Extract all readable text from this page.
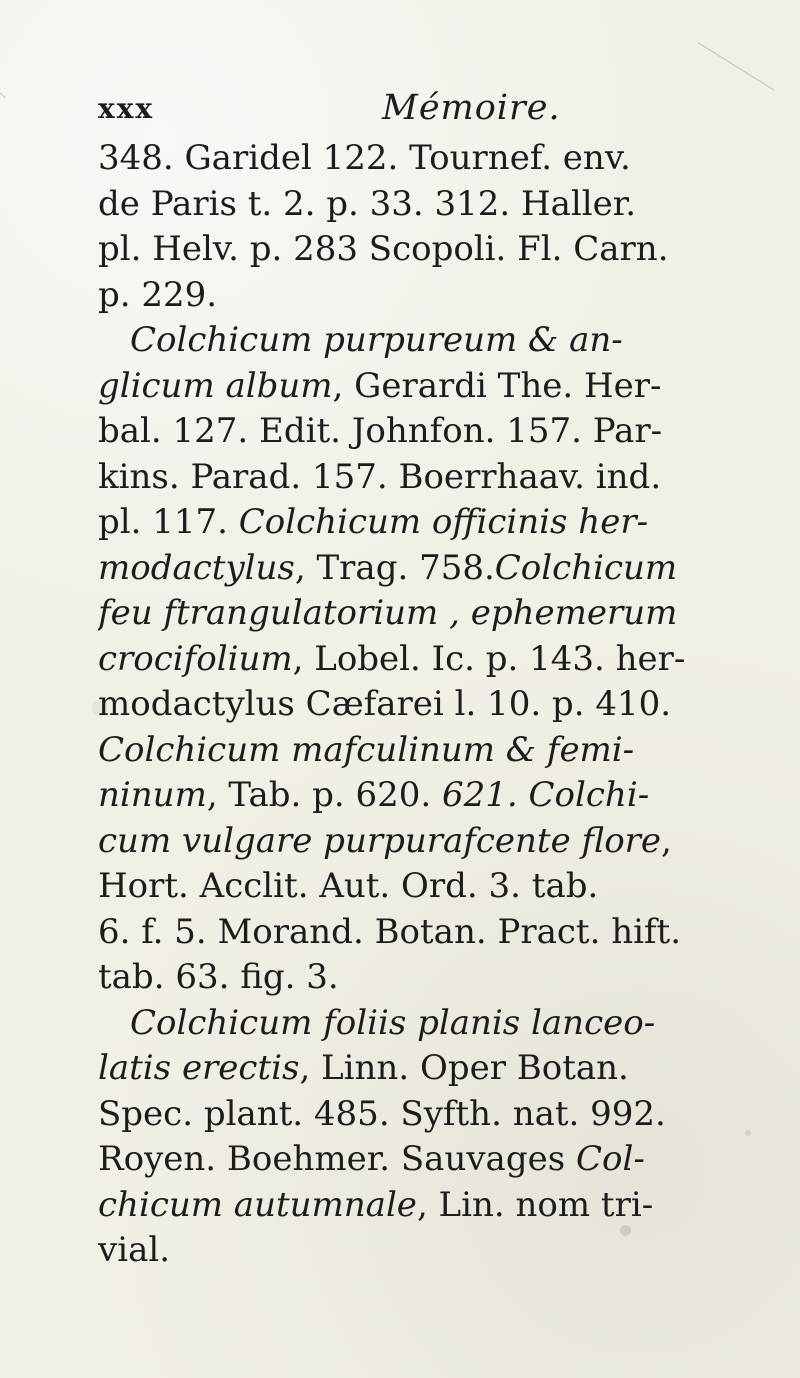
xxx	Mémoire.
348. Garidel 122. Tournef. env.
de Paris t. 2. p. 33. 312. Haller.
pl. Helv. p. 283 Scopoli. Fl. Carn.
p. 229.
Colchicum purpureum & an-
glicum album, Gerardi The. Her-
bal. 127. Edit. Johnfon. 157. Par-
kins. Parad. 157. Boerrhaav. ind.
pl. 117. Colchicum officinis her-
modactylus, Trag. 758.Colchicum
feu ftrangulatorium , ephemerum
crocifolium, Lobel. Ic. p. 143. her-
modactylus Cæfarei l. 10. p. 410.
Colchicum mafculinum & femi-
ninum, Tab. p. 620. 621. Colchi-
cum vulgare purpurafcente flore,
Hort. Acclit. Aut. Ord. 3. tab.
6. f. 5. Morand. Botan. Pract. hift.
tab. 63. fig. 3.
Colchicum foliis planis lanceo-
latis erectis, Linn. Oper Botan.
Spec. plant. 485. Syfth. nat. 992.
Royen. Boehmer. Sauvages Col-
chicum autumnale, Lin. nom tri-
vial.
